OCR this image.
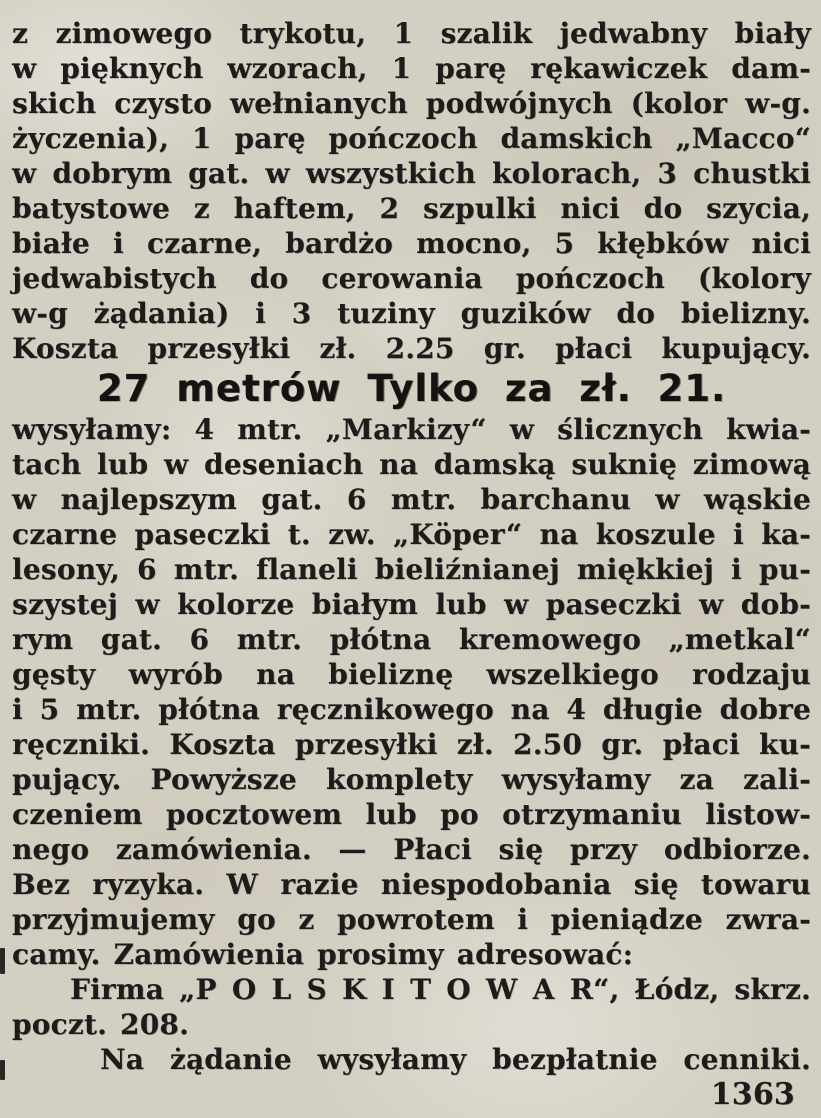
z zimowego trykotu, 1 szalik jedwabny biały
w pięknych wzorach, 1 parę rękawiczek dam-
skich czysto wełnianych podwójnych (kolor w-g.
życzenia), 1 parę pończoch damskich „Macco“
w dobrym gat. w wszystkich kolorach, 3 chustki
batystowe z haftem, 2 szpulki nici do szycia,
białe i czarne, bardżo mocno, 5 kłębków nici
jedwabistych do cerowania pończoch (kolory
w-g żądania) i 3 tuziny guzików do bielizny.
Koszta przesyłki zł. 2.25 gr. płaci kupujący.
27 metrów Tylko za zł. 21.
wysyłamy: 4 mtr. „Markizy“ w ślicznych kwia-
tach lub w deseniach na damską suknię zimową
w najlepszym gat. 6 mtr. barchanu w wąskie
czarne paseczki t. zw. „Köper“ na koszule i ka-
lesony, 6 mtr. flaneli bieliźnianej miękkiej i pu-
szystej w kolorze białym lub w paseczki w dob-
rym gat. 6 mtr. płótna kremowego „metkal“
gęsty wyrób na bieliznę wszelkiego rodzaju
i 5 mtr. płótna ręcznikowego na 4 długie dobre
ręczniki. Koszta przesyłki zł. 2.50 gr. płaci ku-
pujący. Powyższe komplety wysyłamy za zali-
czeniem pocztowem lub po otrzymaniu listow-
nego zamówienia. — Płaci się przy odbiorze.
Bez ryzyka. W razie niespodobania się towaru
przyjmujemy go z powrotem i pieniądze zwra-
camy. Zamówienia prosimy adresować:
Firma „P O L S K I T O W A R“, Łódz, skrz.
poczt. 208.
Na żądanie wysyłamy bezpłatnie cenniki.
1363
